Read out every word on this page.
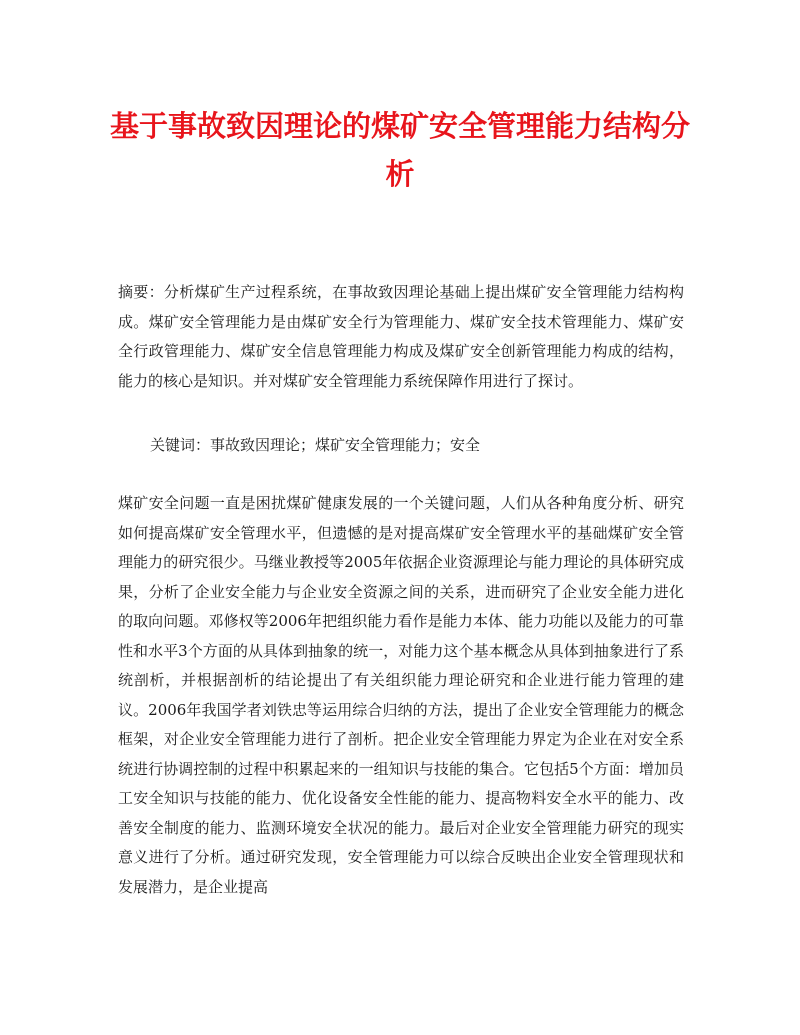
基于事故致因理论的煤矿安全管理能力结构分析

摘要：分析煤矿生产过程系统，在事故致因理论基础上提出煤矿安全管理能力结构构成。煤矿安全管理能力是由煤矿安全行为管理能力、煤矿安全技术管理能力、煤矿安全行政管理能力、煤矿安全信息管理能力构成及煤矿安全创新管理能力构成的结构，能力的核心是知识。并对煤矿安全管理能力系统保障作用进行了探讨。

关键词：事故致因理论；煤矿安全管理能力；安全

煤矿安全问题一直是困扰煤矿健康发展的一个关键问题，人们从各种角度分析、研究如何提高煤矿安全管理水平，但遗憾的是对提高煤矿安全管理水平的基础煤矿安全管理能力的研究很少。马继业教授等2005年依据企业资源理论与能力理论的具体研究成果，分析了企业安全能力与企业安全资源之间的关系，进而研究了企业安全能力进化的取向问题。邓修权等2006年把组织能力看作是能力本体、能力功能以及能力的可靠性和水平3个方面的从具体到抽象的统一，对能力这个基本概念从具体到抽象进行了系统剖析，并根据剖析的结论提出了有关组织能力理论研究和企业进行能力管理的建议。2006年我国学者刘铁忠等运用综合归纳的方法，提出了企业安全管理能力的概念框架，对企业安全管理能力进行了剖析。把企业安全管理能力界定为企业在对安全系统进行协调控制的过程中积累起来的一组知识与技能的集合。它包括5个方面：增加员工安全知识与技能的能力、优化设备安全性能的能力、提高物料安全水平的能力、改善安全制度的能力、监测环境安全状况的能力。最后对企业安全管理能力研究的现实意义进行了分析。通过研究发现，安全管理能力可以综合反映出企业安全管理现状和发展潜力，是企业提高
